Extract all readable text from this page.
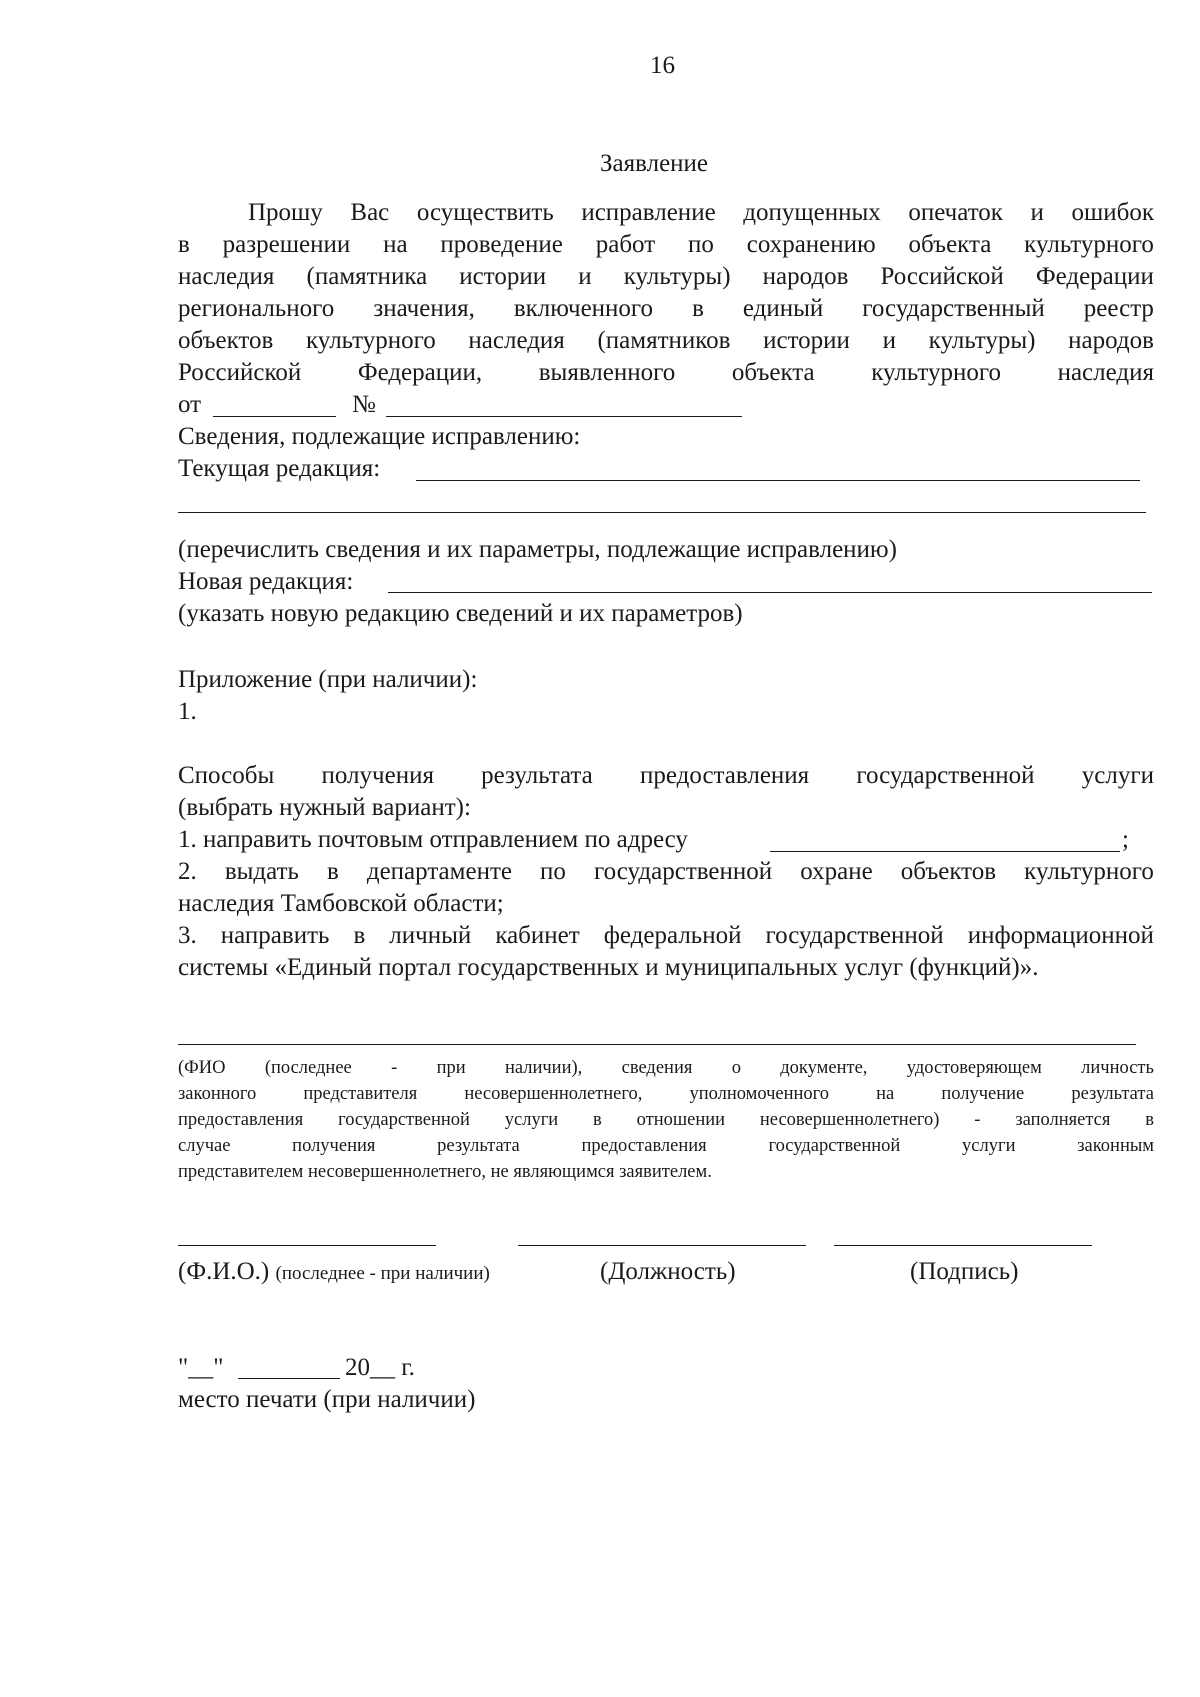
16
Заявление
Прошу Вас осуществить исправление допущенных опечаток и ошибок
в разрешении на проведение работ по сохранению объекта культурного
наследия (памятника истории и культуры) народов Российской Федерации
регионального значения, включенного в единый государственный реестр
объектов культурного наследия (памятников истории и культуры) народов
Российской Федерации, выявленного объекта культурного наследия
от	№
Сведения, подлежащие исправлению:
Текущая редакция:
(перечислить сведения и их параметры, подлежащие исправлению)
Новая редакция:
(указать новую редакцию сведений и их параметров)
Приложение (при наличии):
1.
Способы получения результата предоставления государственной услуги
(выбрать нужный вариант):
1. направить почтовым отправлением по адресу	;
2. выдать в департаменте по государственной охране объектов культурного
наследия Тамбовской области;
3. направить в личный кабинет федеральной государственной информационной
системы «Единый портал государственных и муниципальных услуг (функций)».
(ФИО (последнее - при наличии), сведения о документе, удостоверяющем личность
законного	представителя	несовершеннолетнего,	уполномоченного	на	получение	результата
предоставления государственной услуги в отношении несовершеннолетнего) - заполняется в
случае	получения	результата	предоставления	государственной	услуги	законным
представителем несовершеннолетнего, не являющимся заявителем.
(Ф.И.О.) (последнее - при наличии)	(Должность)	(Подпись)
"__"	20__ г.
место печати (при наличии)
